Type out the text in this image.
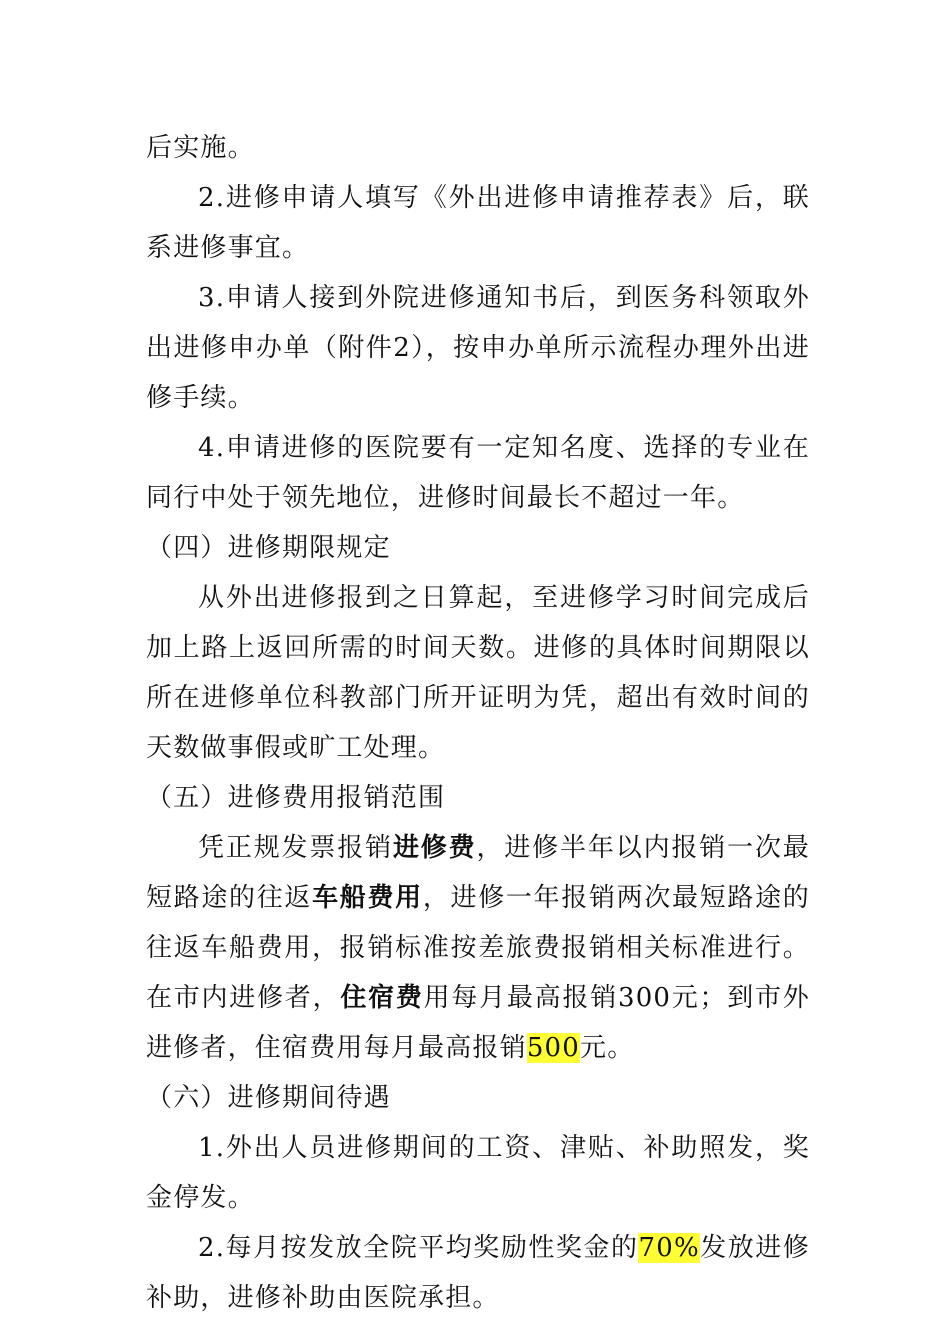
后实施。

2.进修申请人填写《外出进修申请推荐表》后，联系进修事宜。

3.申请人接到外院进修通知书后，到医务科领取外出进修申办单（附件2），按申办单所示流程办理外出进修手续。

4.申请进修的医院要有一定知名度、选择的专业在同行中处于领先地位，进修时间最长不超过一年。

（四）进修期限规定

从外出进修报到之日算起，至进修学习时间完成后加上路上返回所需的时间天数。进修的具体时间期限以所在进修单位科教部门所开证明为凭，超出有效时间的天数做事假或旷工处理。

（五）进修费用报销范围

凭正规发票报销进修费，进修半年以内报销一次最短路途的往返车船费用，进修一年报销两次最短路途的往返车船费用，报销标准按差旅费报销相关标准进行。在市内进修者，住宿费用每月最高报销300元；到市外进修者，住宿费用每月最高报销500元。

（六）进修期间待遇

1.外出人员进修期间的工资、津贴、补助照发，奖金停发。

2.每月按发放全院平均奖励性奖金的70%发放进修补助，进修补助由医院承担。
